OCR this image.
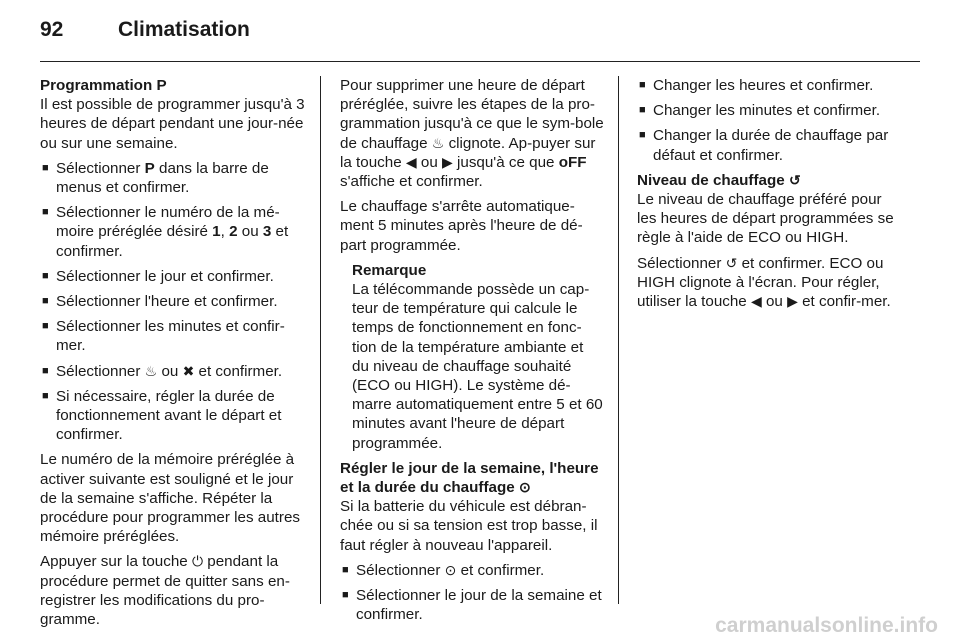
92	Climatisation
Programmation P

Il est possible de programmer jusqu'à 3 heures de départ pendant une jour-née ou sur une semaine.

■ Sélectionner P dans la barre de menus et confirmer.
■ Sélectionner le numéro de la mé-moire préréglée désiré 1, 2 ou 3 et confirmer.
■ Sélectionner le jour et confirmer.
■ Sélectionner l'heure et confirmer.
■ Sélectionner les minutes et confir-mer.
■ Sélectionner ♨ ou ✖ et confirmer.
■ Si nécessaire, régler la durée de fonctionnement avant le départ et confirmer.

Le numéro de la mémoire préréglée à activer suivante est souligné et le jour de la semaine s'affiche. Répéter la procédure pour programmer les autres mémoire préréglées.

Appuyer sur la touche ⏻ pendant la procédure permet de quitter sans en-registrer les modifications du pro-gramme.

Pour supprimer une heure de départ préréglée, suivre les étapes de la pro-grammation jusqu'à ce que le sym-bole de chauffage ♨ clignote. Ap-puyer sur la touche ◀ ou ▶ jusqu'à ce que oFF s'affiche et confirmer.

Le chauffage s'arrête automatique-ment 5 minutes après l'heure de dé-part programmée.

Remarque
La télécommande possède un cap-teur de température qui calcule le temps de fonctionnement en fonc-tion de la température ambiante et du niveau de chauffage souhaité (ECO ou HIGH). Le système dé-marre automatiquement entre 5 et 60 minutes avant l'heure de départ programmée.
Régler le jour de la semaine, l'heure et la durée du chauffage ⊙

Si la batterie du véhicule est débran-chée ou si sa tension est trop basse, il faut régler à nouveau l'appareil.

■ Sélectionner ⊙ et confirmer.
■ Sélectionner le jour de la semaine et confirmer.
■ Changer les heures et confirmer.
■ Changer les minutes et confirmer.
■ Changer la durée de chauffage par défaut et confirmer.
Niveau de chauffage ↺

Le niveau de chauffage préféré pour les heures de départ programmées se règle à l'aide de ECO ou HIGH.

Sélectionner ↺ et confirmer. ECO ou HIGH clignote à l'écran. Pour régler, utiliser la touche ◀ ou ▶ et confir-mer.

carmanualsonline.info
